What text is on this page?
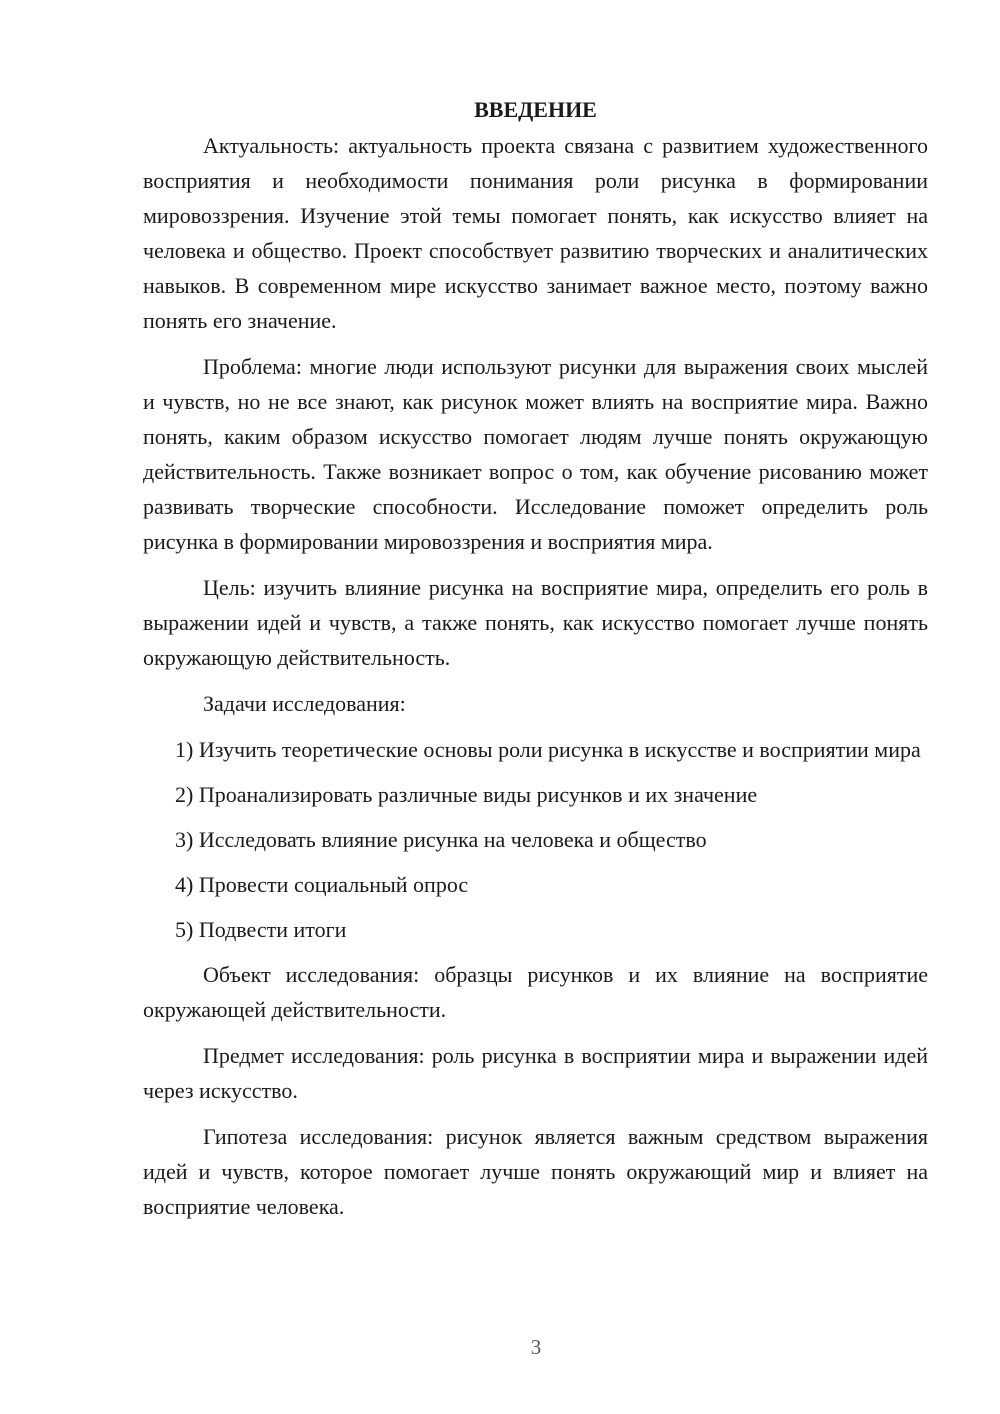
ВВЕДЕНИЕ

Актуальность: актуальность проекта связана с развитием художественного восприятия и необходимости понимания роли рисунка в формировании мировоззрения. Изучение этой темы помогает понять, как искусство влияет на человека и общество. Проект способствует развитию творческих и аналитических навыков. В современном мире искусство занимает важное место, поэтому важно понять его значение.

Проблема: многие люди используют рисунки для выражения своих мыслей и чувств, но не все знают, как рисунок может влиять на восприятие мира. Важно понять, каким образом искусство помогает людям лучше понять окружающую действительность. Также возникает вопрос о том, как обучение рисованию может развивать творческие способности. Исследование поможет определить роль рисунка в формировании мировоззрения и восприятия мира.

Цель: изучить влияние рисунка на восприятие мира, определить его роль в выражении идей и чувств, а также понять, как искусство помогает лучше понять окружающую действительность.

Задачи исследования:

1) Изучить теоретические основы роли рисунка в искусстве и восприятии мира

2) Проанализировать различные виды рисунков и их значение

3) Исследовать влияние рисунка на человека и общество

4) Провести социальный опрос

5) Подвести итоги

Объект исследования: образцы рисунков и их влияние на восприятие окружающей действительности.

Предмет исследования: роль рисунка в восприятии мира и выражении идей через искусство.

Гипотеза исследования: рисунок является важным средством выражения идей и чувств, которое помогает лучше понять окружающий мир и влияет на восприятие человека.

3
